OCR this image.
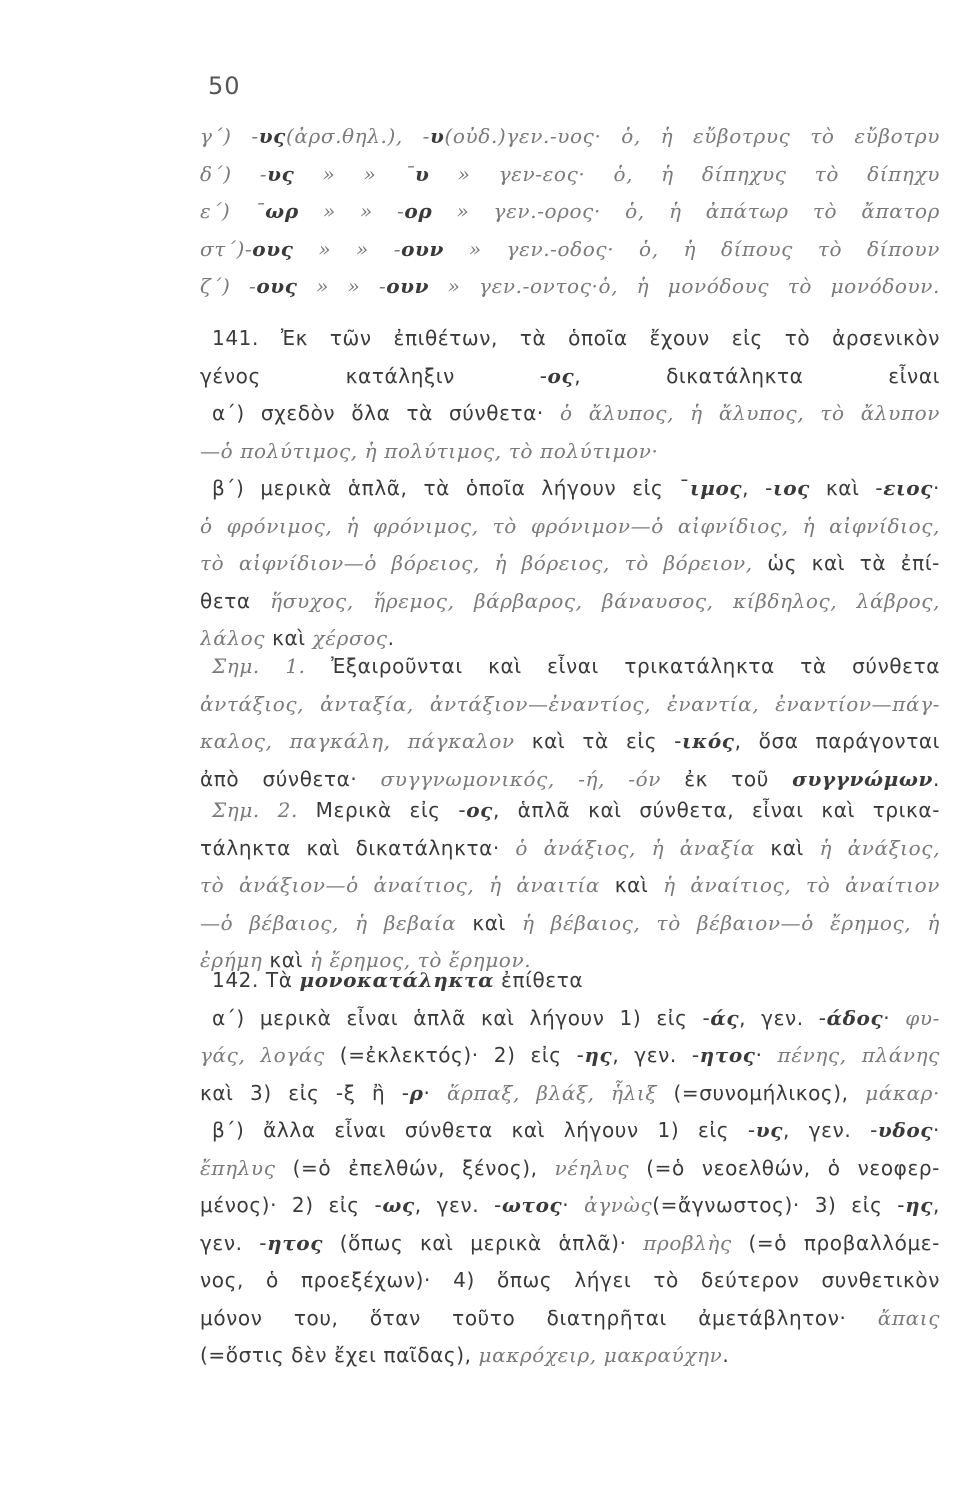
50
γ΄) -υς(ἀρσ.θηλ.), -υ(οὐδ.)γεν.-υος· ὁ, ἡ εὔβοτρυς τὸ εὔβοτρυ
δ΄) -υς » » ¯υ » γεν-εος· ὁ, ἡ δίπηχυς τὸ δίπηχυ
ε΄) ¯ωρ » » -ορ » γεν.-ορος· ὁ, ἡ ἀπάτωρ τὸ ἄπατορ
στ΄)-ους » » -ουν » γεν.-οδος· ὁ, ἡ δίπους τὸ δίπουν
ζ΄) -ους » » -ουν » γεν.-οντος·ὁ, ἡ μονόδους τὸ μονόδουν.
141. Ἐκ τῶν ἐπιθέτων, τὰ ὁποῖα ἔχουν εἰς τὸ ἀρσενικὸν
γένος κατάληξιν -ος, δικατάληκτα εἶναι
α΄) σχεδὸν ὅλα τὰ σύνθετα· ὁ ἄλυπος, ἡ ἄλυπος, τὸ ἄλυπον
—ὁ πολύτιμος, ἡ πολύτιμος, τὸ πολύτιμον·
β΄) μερικὰ ἁπλᾶ, τὰ ὁποῖα λήγουν εἰς ¯ιμος, -ιος καὶ -ειος·
ὁ φρόνιμος, ἡ φρόνιμος, τὸ φρόνιμον—ὁ αἰφνίδιος, ἡ αἰφνίδιος,
τὸ αἰφνίδιον—ὁ βόρειος, ἡ βόρειος, τὸ βόρειον, ὡς καὶ τὰ ἐπί-
θετα ἥσυχος, ἥρεμος, βάρβαρος, βάναυσος, κίβδηλος, λάβρος,
λάλος καὶ χέρσος.
Σημ. 1. Ἐξαιροῦνται καὶ εἶναι τρικατάληκτα τὰ σύνθετα
ἀντάξιος, ἀνταξία, ἀντάξιον—ἐναντίος, ἐναντία, ἐναντίον—πάγ-
καλος, παγκάλη, πάγκαλον καὶ τὰ εἰς -ικός, ὅσα παράγονται
ἀπὸ σύνθετα· συγγνωμονικός, -ή, -όν ἐκ τοῦ συγγνώμων.
Σημ. 2. Μερικὰ εἰς -ος, ἁπλᾶ καὶ σύνθετα, εἶναι καὶ τρικα-
τάληκτα καὶ δικατάληκτα· ὁ ἀνάξιος, ἡ ἀναξία καὶ ἡ ἀνάξιος,
τὸ ἀνάξιον—ὁ ἀναίτιος, ἡ ἀναιτία καὶ ἡ ἀναίτιος, τὸ ἀναίτιον
—ὁ βέβαιος, ἡ βεβαία καὶ ἡ βέβαιος, τὸ βέβαιον—ὁ ἔρημος, ἡ
ἐρήμη καὶ ἡ ἔρημος, τὸ ἔρημον.
142. Τὰ μονοκατάληκτα ἐπίθετα
α΄) μερικὰ εἶναι ἁπλᾶ καὶ λήγουν 1) εἰς -άς, γεν. -άδος· φυ-
γάς, λογάς (=ἐκλεκτός)· 2) εἰς -ης, γεν. -ητος· πένης, πλάνης
καὶ 3) εἰς -ξ ἢ -ρ· ἅρπαξ, βλάξ, ἧλιξ (=συνομήλικος), μάκαρ·
β΄) ἄλλα εἶναι σύνθετα καὶ λήγουν 1) εἰς -υς, γεν. -υδος·
ἔπηλυς (=ὁ ἐπελθών, ξένος), νέηλυς (=ὁ νεοελθών, ὁ νεοφερ-
μένος)· 2) εἰς -ως, γεν. -ωτος· ἀγνὼς(=ἄγνωστος)· 3) εἰς -ης,
γεν. -ητος (ὅπως καὶ μερικὰ ἁπλᾶ)· προβλὴς (=ὁ προβαλλόμε-
νος, ὁ προεξέχων)· 4) ὅπως λήγει τὸ δεύτερον συνθετικὸν
μόνον του, ὅταν τοῦτο διατηρῆται ἀμετάβλητον· ἄπαις
(=ὅστις δὲν ἔχει παῖδας), μακρόχειρ, μακραύχην.
